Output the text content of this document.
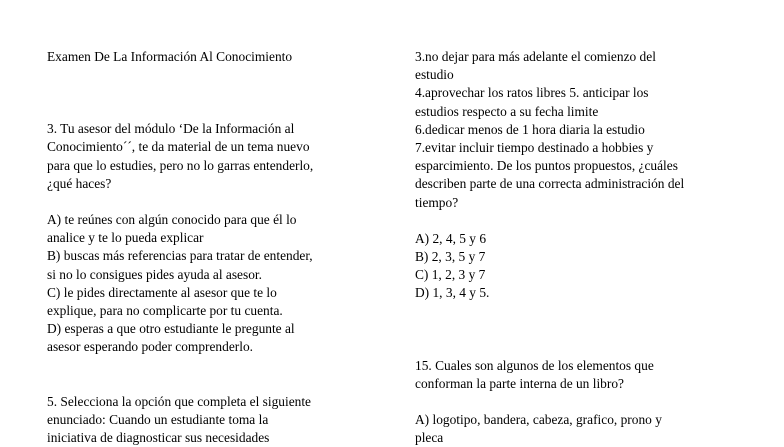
Examen De La Información Al Conocimiento

3. Tu asesor del módulo ‘De la Información al
Conocimiento´´, te da material de un tema nuevo
para que lo estudies, pero no lo garras entenderlo,
¿qué haces?

A) te reúnes con algún conocido para que él lo
analice y te lo pueda explicar
B) buscas más referencias para tratar de entender,
si no lo consigues pides ayuda al asesor.
C) le pides directamente al asesor que te lo
explique, para no complicarte por tu cuenta.
D) esperas a que otro estudiante le pregunte al
asesor esperando poder comprenderlo.

5. Selecciona la opción que completa el siguiente
enunciado: Cuando un estudiante toma la
iniciativa de diagnosticar sus necesidades

3.no dejar para más adelante el comienzo del
estudio
4.aprovechar los ratos libres 5. anticipar los
estudios respecto a su fecha limite
6.dedicar menos de 1 hora diaria la estudio
7.evitar incluir tiempo destinado a hobbies y
esparcimiento. De los puntos propuestos, ¿cuáles
describen parte de una correcta administración del
tiempo?

A) 2, 4, 5 y 6
B) 2, 3, 5 y 7
C) 1, 2, 3 y 7
D) 1, 3, 4 y 5.

15. Cuales son algunos de los elementos que
conforman la parte interna de un libro?

A) logotipo, bandera, cabeza, grafico, prono y
plecа
